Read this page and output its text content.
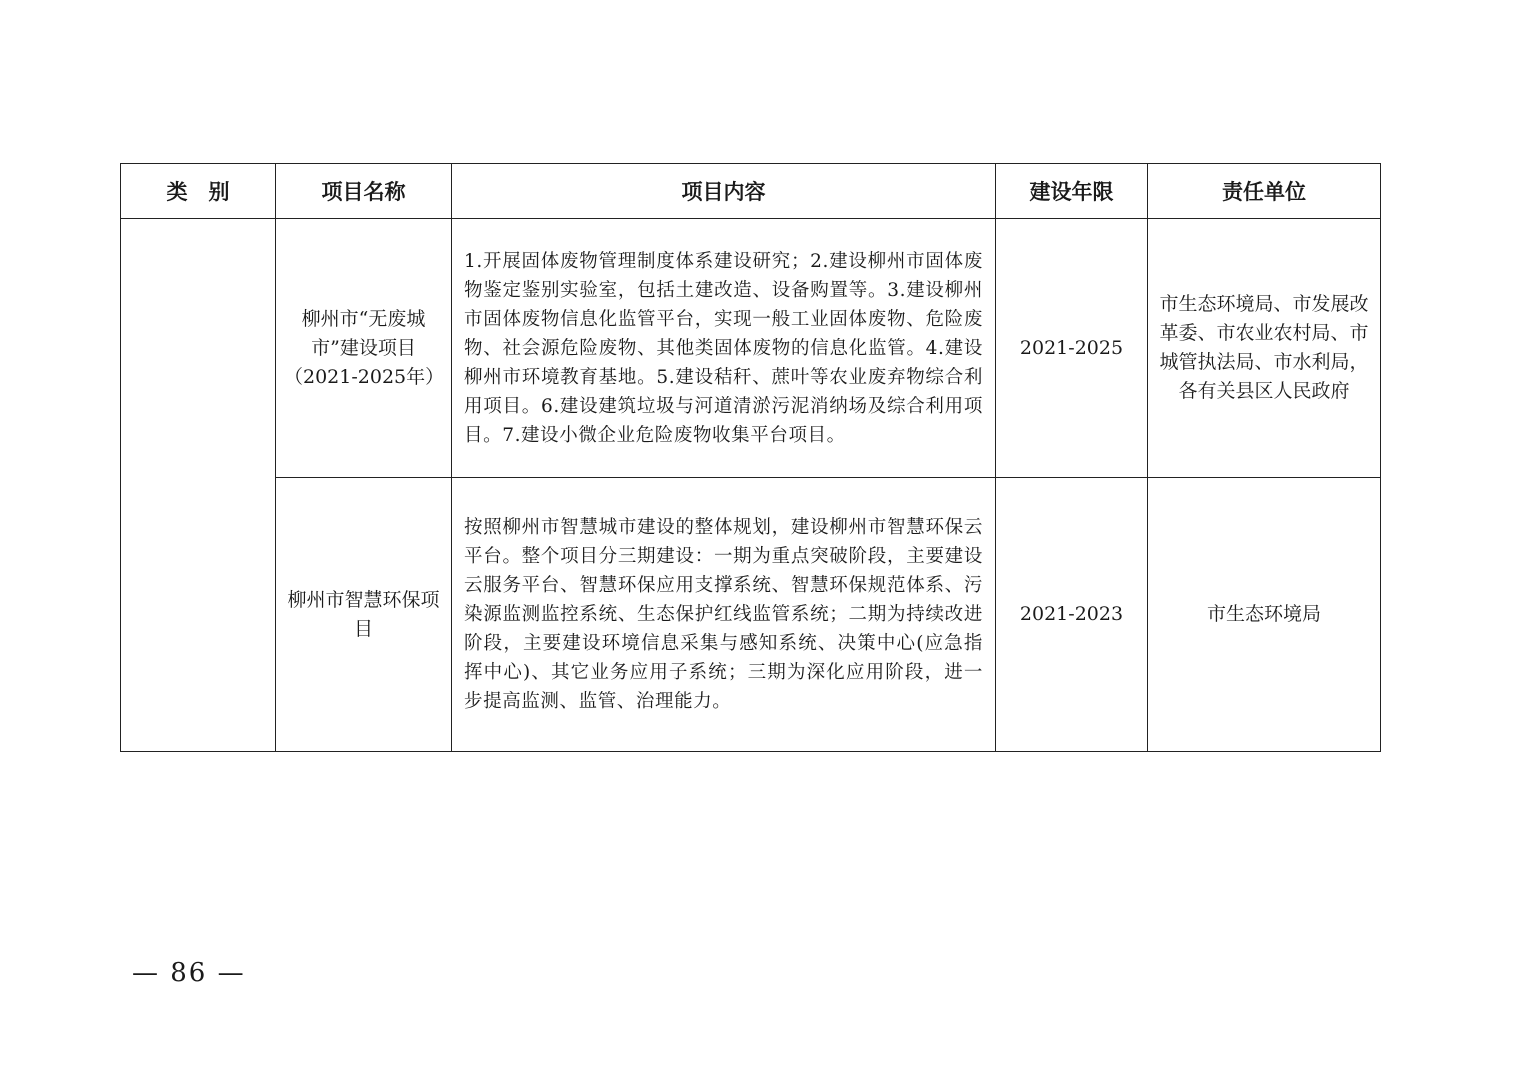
类　别	项目名称	项目内容	建设年限	责任单位
	柳州市“无废城市”建设项目（2021-2025年）	1.开展固体废物管理制度体系建设研究；2.建设柳州市固体废物鉴定鉴别实验室，包括土建改造、设备购置等。3.建设柳州市固体废物信息化监管平台，实现一般工业固体废物、危险废物、社会源危险废物、其他类固体废物的信息化监管。4.建设柳州市环境教育基地。5.建设秸秆、蔗叶等农业废弃物综合利用项目。6.建设建筑垃圾与河道清淤污泥消纳场及综合利用项目。7.建设小微企业危险废物收集平台项目。	2021-2025	市生态环境局、市发展改革委、市农业农村局、市城管执法局、市水利局，各有关县区人民政府
	柳州市智慧环保项目	按照柳州市智慧城市建设的整体规划，建设柳州市智慧环保云平台。整个项目分三期建设：一期为重点突破阶段，主要建设云服务平台、智慧环保应用支撑系统、智慧环保规范体系、污染源监测监控系统、生态保护红线监管系统；二期为持续改进阶段，主要建设环境信息采集与感知系统、决策中心(应急指挥中心)、其它业务应用子系统；三期为深化应用阶段，进一步提高监测、监管、治理能力。	2021-2023	市生态环境局
— 86 —
